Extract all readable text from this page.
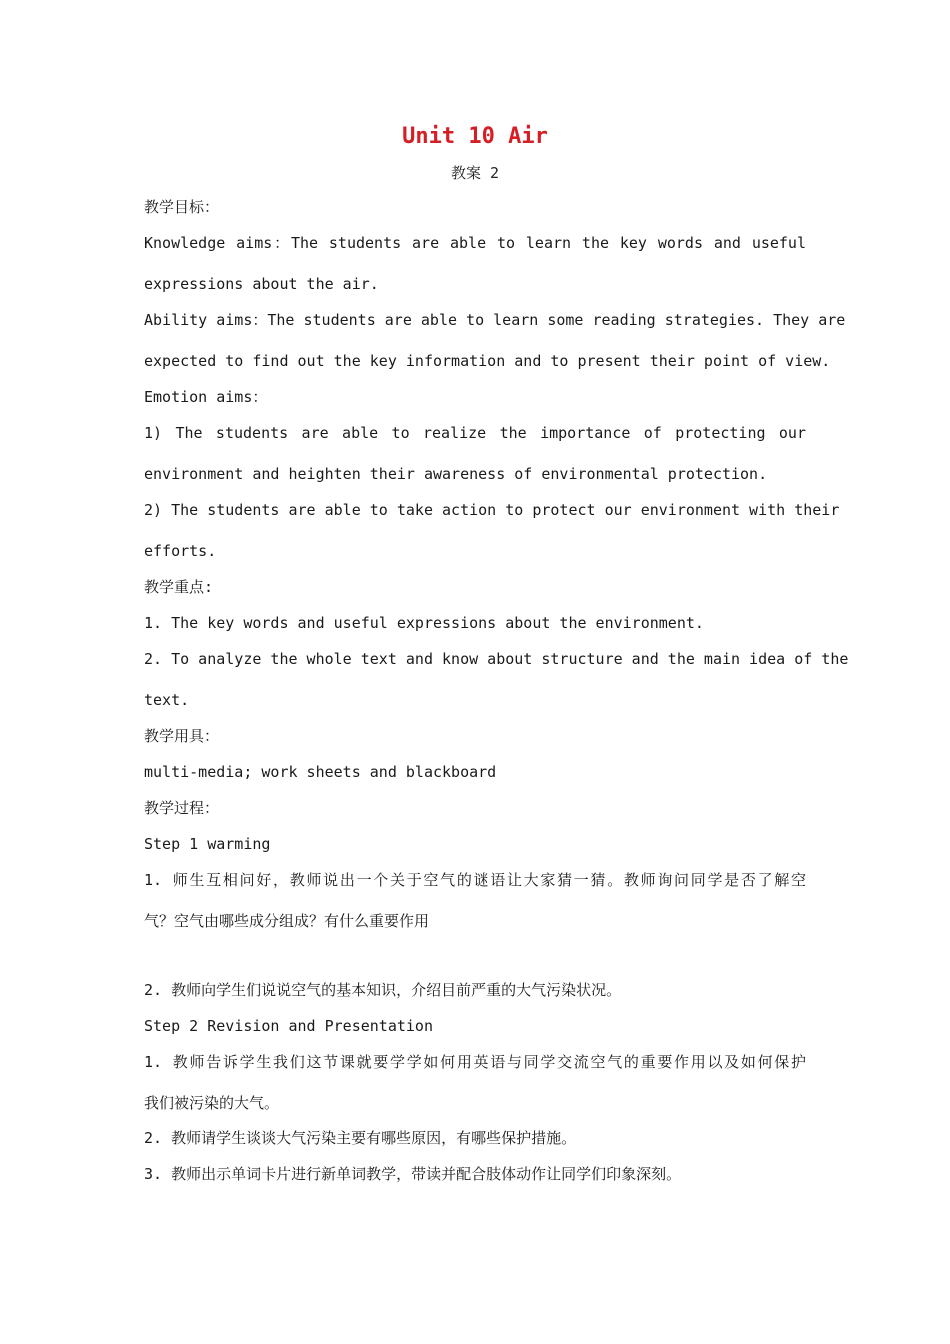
Unit 10 Air

教案 2

教学目标：

Knowledge aims：The students are able to learn the key words and useful

expressions about the air.

Ability aims：The students are able to learn some reading strategies. They are

expected to find out the key information and to present their point of view.

Emotion aims：

1) The students are able to realize the importance of protecting our

environment and heighten their awareness of environmental protection.

2) The students are able to take action to protect our environment with their

efforts.

教学重点:

1. The key words and useful expressions about the environment.

2. To analyze the whole text and know about structure and the main idea of the

text.

教学用具：

multi-media; work sheets and blackboard

教学过程：

Step 1 warming

1. 师生互相问好，教师说出一个关于空气的谜语让大家猜一猜。教师询问同学是否了解空

气？空气由哪些成分组成？有什么重要作用

2. 教师向学生们说说空气的基本知识，介绍目前严重的大气污染状况。

Step 2 Revision and Presentation

1. 教师告诉学生我们这节课就要学学如何用英语与同学交流空气的重要作用以及如何保护

我们被污染的大气。

2. 教师请学生谈谈大气污染主要有哪些原因，有哪些保护措施。

3. 教师出示单词卡片进行新单词教学，带读并配合肢体动作让同学们印象深刻。
